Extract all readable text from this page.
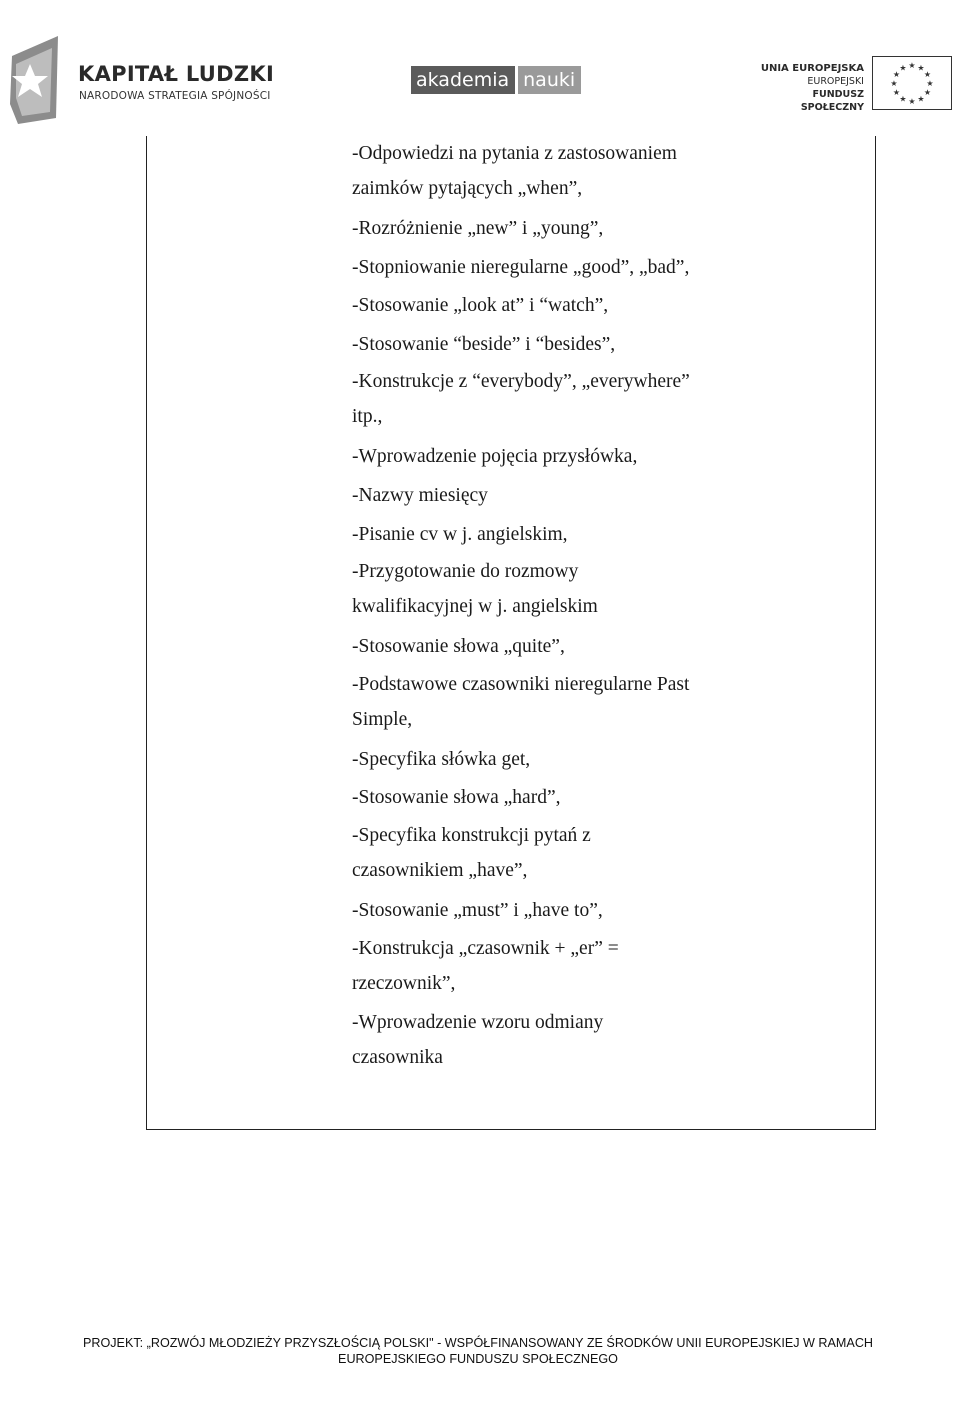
KAPITAŁ LUDZKI
NARODOWA STRATEGIA SPÓJNOŚCI
akademia nauki
UNIA EUROPEJSKA
EUROPEJSKI
FUNDUSZ SPOŁECZNY
★ ★
★
★
★
★
★
★
★
★
★
★

-Odpowiedzi na pytania z zastosowaniem

zaimków pytających „when”,

-Rozróżnienie „new” i „young”,

-Stopniowanie nieregularne „good”, „bad”,

-Stosowanie „look at” i “watch”,

-Stosowanie “beside” i “besides”,

-Konstrukcje z “everybody”, „everywhere”

itp.,

-Wprowadzenie pojęcia przysłówka,

-Nazwy miesięcy

-Pisanie cv w j. angielskim,

-Przygotowanie do rozmowy

kwalifikacyjnej w j. angielskim

-Stosowanie słowa „quite”,

-Podstawowe czasowniki nieregularne Past

Simple,

-Specyfika słówka get,

-Stosowanie słowa „hard”,

-Specyfika konstrukcji pytań z

czasownikiem „have”,

-Stosowanie „must” i „have to”,

-Konstrukcja „czasownik + „er” =

rzeczownik”,

-Wprowadzenie wzoru odmiany

czasownika

PROJEKT: „ROZWÓJ MŁODZIEŻY PRZYSZŁOŚCIĄ POLSKI" - WSPÓŁFINANSOWANY ZE ŚRODKÓW UNII EUROPEJSKIEJ W RAMACH
EUROPEJSKIEGO FUNDUSZU SPOŁECZNEGO
